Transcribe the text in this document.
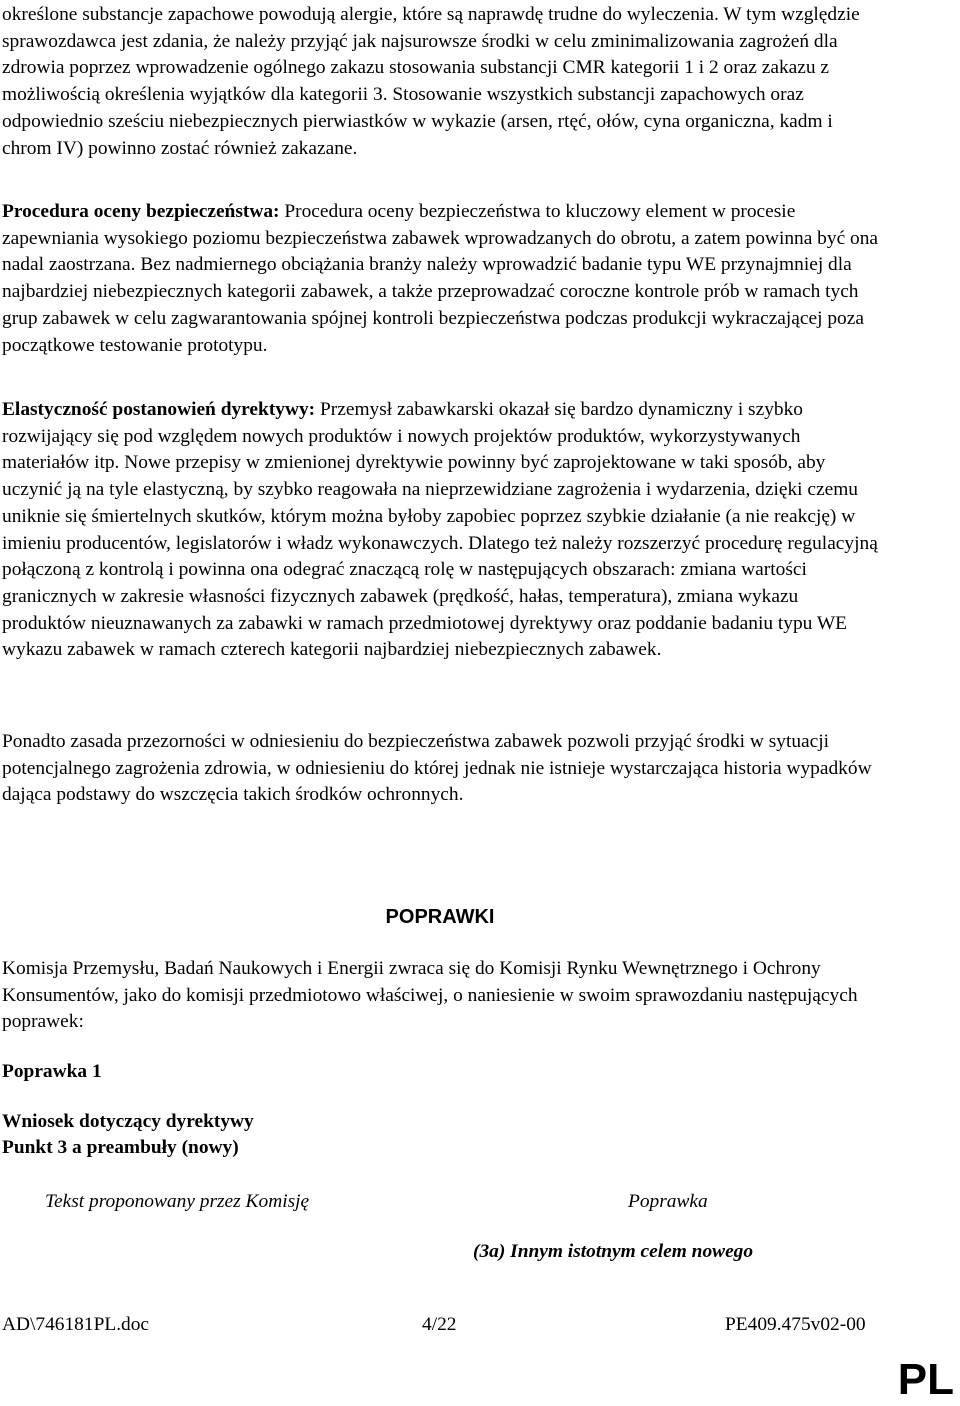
określone substancje zapachowe powodują alergie, które są naprawdę trudne do wyleczenia. W tym względzie sprawozdawca jest zdania, że należy przyjąć jak najsurowsze środki w celu zminimalizowania zagrożeń dla zdrowia poprzez wprowadzenie ogólnego zakazu stosowania substancji CMR kategorii 1 i 2 oraz zakazu z możliwością określenia wyjątków dla kategorii 3. Stosowanie wszystkich substancji zapachowych oraz odpowiednio sześciu niebezpiecznych pierwiastków w wykazie (arsen, rtęć, ołów, cyna organiczna, kadm i chrom IV) powinno zostać również zakazane.

Procedura oceny bezpieczeństwa: Procedura oceny bezpieczeństwa to kluczowy element w procesie zapewniania wysokiego poziomu bezpieczeństwa zabawek wprowadzanych do obrotu, a zatem powinna być ona nadal zaostrzana. Bez nadmiernego obciążania branży należy wprowadzić badanie typu WE przynajmniej dla najbardziej niebezpiecznych kategorii zabawek, a także przeprowadzać coroczne kontrole prób w ramach tych grup zabawek w celu zagwarantowania spójnej kontroli bezpieczeństwa podczas produkcji wykraczającej poza początkowe testowanie prototypu.

Elastyczność postanowień dyrektywy: Przemysł zabawkarski okazał się bardzo dynamiczny i szybko rozwijający się pod względem nowych produktów i nowych projektów produktów, wykorzystywanych materiałów itp. Nowe przepisy w zmienionej dyrektywie powinny być zaprojektowane w taki sposób, aby uczynić ją na tyle elastyczną, by szybko reagowała na nieprzewidziane zagrożenia i wydarzenia, dzięki czemu uniknie się śmiertelnych skutków, którym można byłoby zapobiec poprzez szybkie działanie (a nie reakcję) w imieniu producentów, legislatorów i władz wykonawczych. Dlatego też należy rozszerzyć procedurę regulacyjną połączoną z kontrolą i powinna ona odegrać znaczącą rolę w następujących obszarach: zmiana wartości granicznych w zakresie własności fizycznych zabawek (prędkość, hałas, temperatura), zmiana wykazu produktów nieuznawanych za zabawki w ramach przedmiotowej dyrektywy oraz poddanie badaniu typu WE wykazu zabawek w ramach czterech kategorii najbardziej niebezpiecznych zabawek.

Ponadto zasada przezorności w odniesieniu do bezpieczeństwa zabawek pozwoli przyjąć środki w sytuacji potencjalnego zagrożenia zdrowia, w odniesieniu do której jednak nie istnieje wystarczająca historia wypadków dająca podstawy do wszczęcia takich środków ochronnych.

POPRAWKI

Komisja Przemysłu, Badań Naukowych i Energii zwraca się do Komisji Rynku Wewnętrznego i Ochrony Konsumentów, jako do komisji przedmiotowo właściwej, o naniesienie w swoim sprawozdaniu następujących poprawek:

Poprawka 1

Wniosek dotyczący dyrektywy

Punkt 3 a preambuły (nowy)

Tekst proponowany przez Komisję	Poprawka

(3a) Innym istotnym celem nowego

AD\746181PL.doc	4/22	PE409.475v02-00

PL
